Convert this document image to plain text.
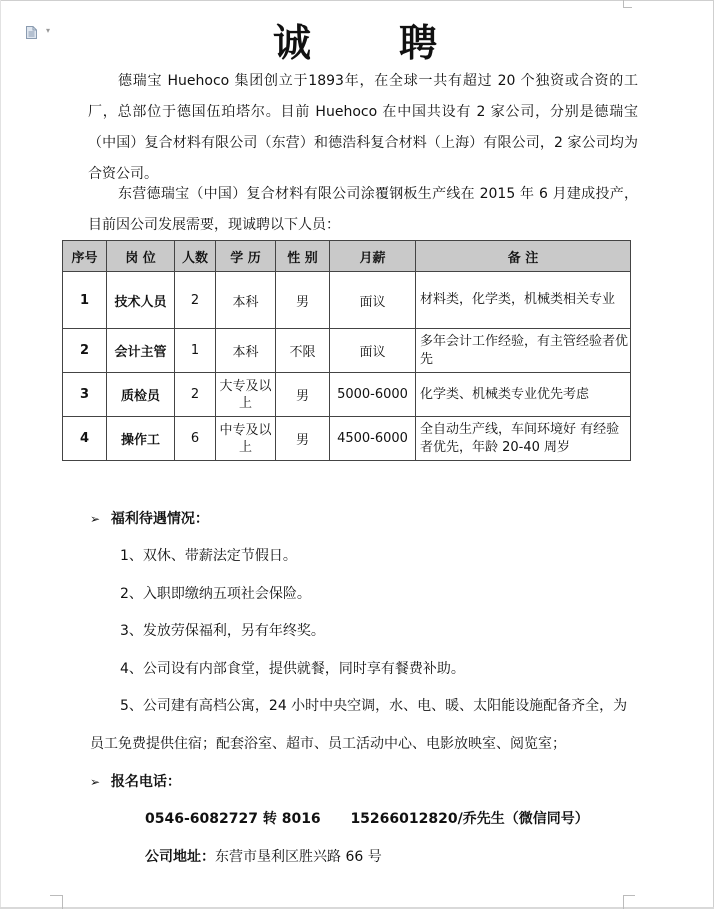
▾	诚 聘
德瑞宝 Huehoco 集团创立于1893年，在全球一共有超过 20 个独资或合资的工厂，总部位于德国伍珀塔尔。目前 Huehoco 在中国共设有 2 家公司，分别是德瑞宝（中国）复合材料有限公司（东营）和德浩科复合材料（上海）有限公司，2 家公司均为合资公司。
东营德瑞宝（中国）复合材料有限公司涂覆钢板生产线在 2015 年 6 月建成投产，目前因公司发展需要，现诚聘以下人员：
序号	岗 位	人数	学 历	性 别	月薪	备 注
1	技术人员	2	本科	男	面议	材料类，化学类，机械类相关专业
2	会计主管	1	本科	不限	面议	多年会计工作经验，有主管经验者优先
3	质检员	2	大专及以上	男	5000-6000	化学类、机械类专业优先考虑
4	操作工	6	中专及以上	男	4500-6000	全自动生产线，车间环境好 有经验者优先，年龄 20-40 周岁
➢ 福利待遇情况：
1、双休、带薪法定节假日。
2、入职即缴纳五项社会保险。
3、发放劳保福利，另有年终奖。
4、公司设有内部食堂，提供就餐，同时享有餐费补助。
5、公司建有高档公寓，24 小时中央空调，水、电、暖、太阳能设施配备齐全，为
员工免费提供住宿；配套浴室、超市、员工活动中心、电影放映室、阅览室；
➢ 报名电话：
0546-6082727 转 8016 15266012820/乔先生（微信同号）
公司地址：东营市垦利区胜兴路 66 号
